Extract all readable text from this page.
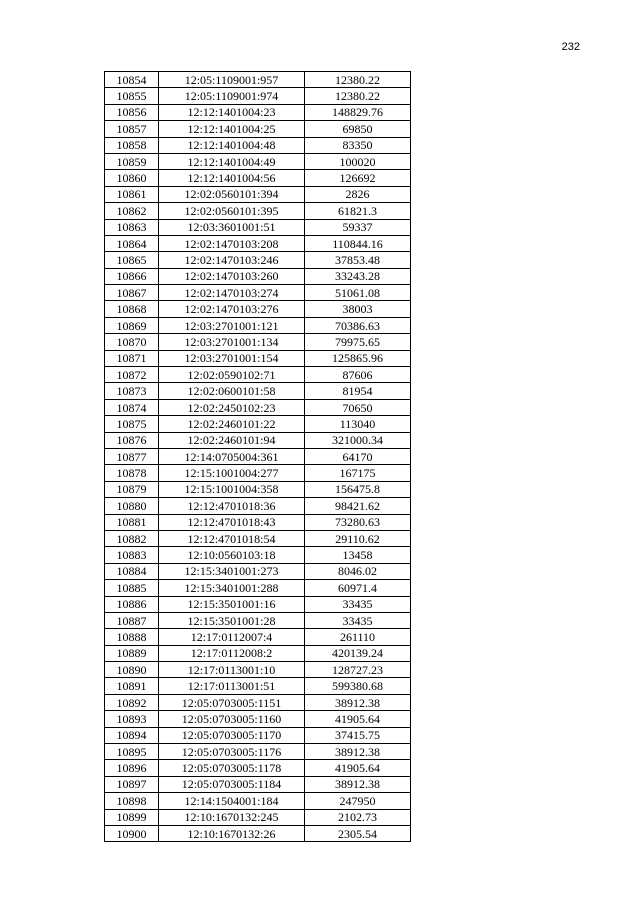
232
10854	12:05:1109001:957	12380.22
10855	12:05:1109001:974	12380.22
10856	12:12:1401004:23	148829.76
10857	12:12:1401004:25	69850
10858	12:12:1401004:48	83350
10859	12:12:1401004:49	100020
10860	12:12:1401004:56	126692
10861	12:02:0560101:394	2826
10862	12:02:0560101:395	61821.3
10863	12:03:3601001:51	59337
10864	12:02:1470103:208	110844.16
10865	12:02:1470103:246	37853.48
10866	12:02:1470103:260	33243.28
10867	12:02:1470103:274	51061.08
10868	12:02:1470103:276	38003
10869	12:03:2701001:121	70386.63
10870	12:03:2701001:134	79975.65
10871	12:03:2701001:154	125865.96
10872	12:02:0590102:71	87606
10873	12:02:0600101:58	81954
10874	12:02:2450102:23	70650
10875	12:02:2460101:22	113040
10876	12:02:2460101:94	321000.34
10877	12:14:0705004:361	64170
10878	12:15:1001004:277	167175
10879	12:15:1001004:358	156475.8
10880	12:12:4701018:36	98421.62
10881	12:12:4701018:43	73280.63
10882	12:12:4701018:54	29110.62
10883	12:10:0560103:18	13458
10884	12:15:3401001:273	8046.02
10885	12:15:3401001:288	60971.4
10886	12:15:3501001:16	33435
10887	12:15:3501001:28	33435
10888	12:17:0112007:4	261110
10889	12:17:0112008:2	420139.24
10890	12:17:0113001:10	128727.23
10891	12:17:0113001:51	599380.68
10892	12:05:0703005:1151	38912.38
10893	12:05:0703005:1160	41905.64
10894	12:05:0703005:1170	37415.75
10895	12:05:0703005:1176	38912.38
10896	12:05:0703005:1178	41905.64
10897	12:05:0703005:1184	38912.38
10898	12:14:1504001:184	247950
10899	12:10:1670132:245	2102.73
10900	12:10:1670132:26	2305.54
